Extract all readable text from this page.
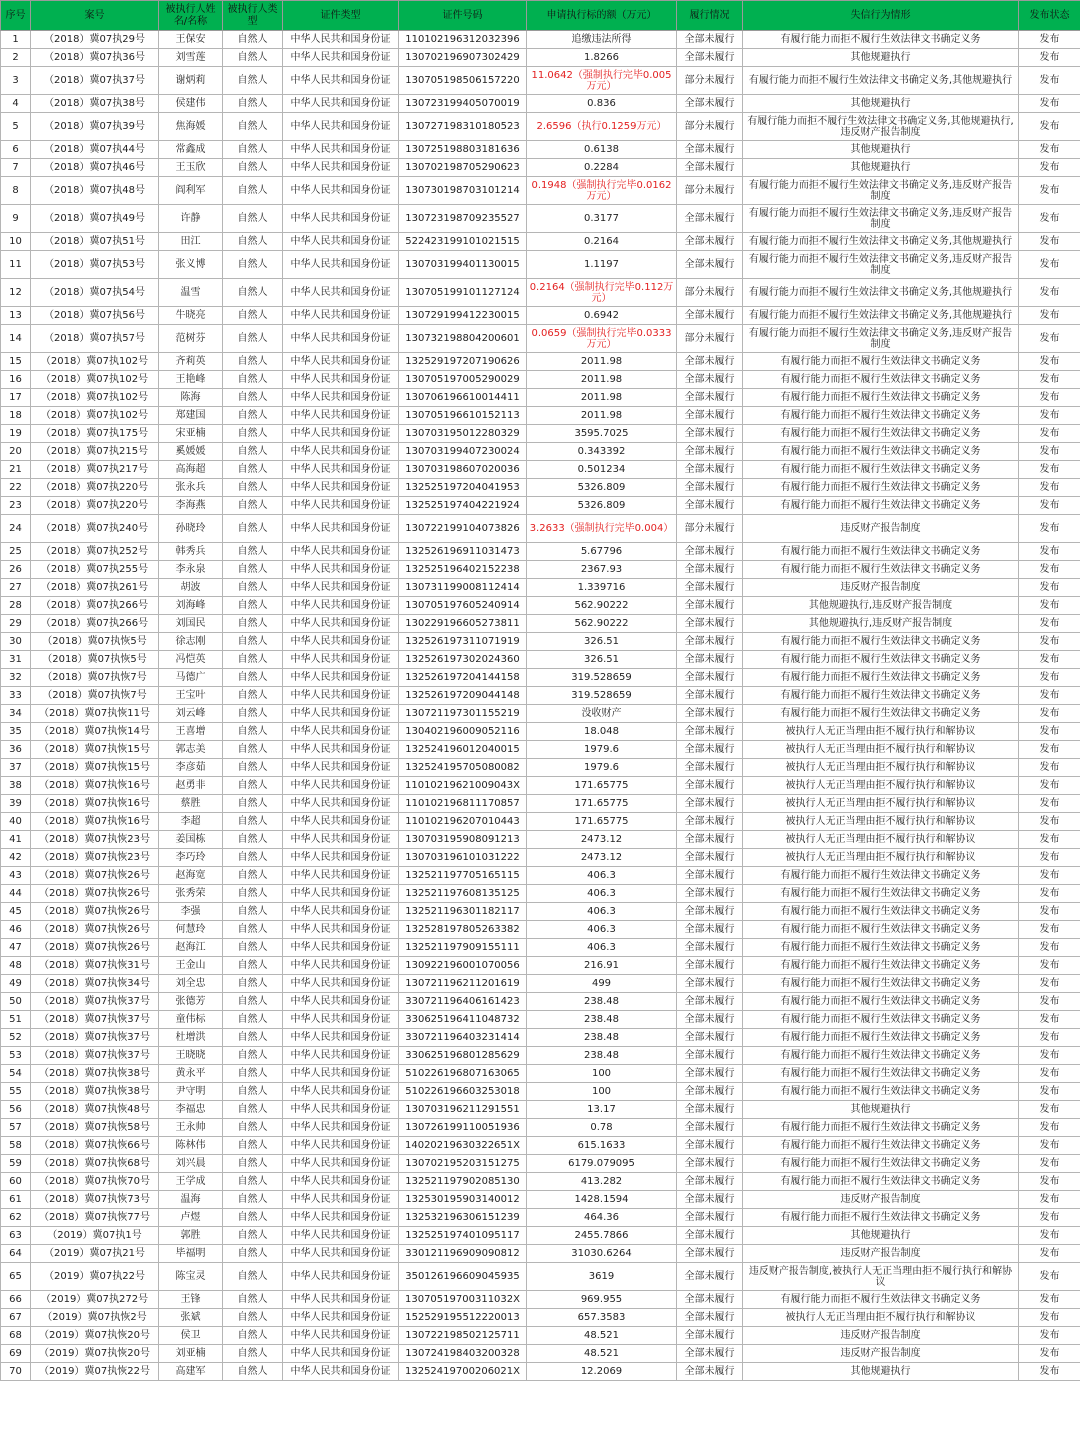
序号	案号	被执行人姓名/名称	被执行人类型	证件类型	证件号码	申请执行标的额（万元）	履行情况	失信行为情形	发布状态
1	（2018）冀07执29号	王保安	自然人	中华人民共和国身份证	110102196312032396	追缴违法所得	全部未履行	有履行能力而拒不履行生效法律文书确定义务	发布
2	（2018）冀07执36号	刘雪莲	自然人	中华人民共和国身份证	130702196907302429	1.8266	全部未履行	其他规避执行	发布
3	（2018）冀07执37号	谢炳莉	自然人	中华人民共和国身份证	130705198506157220	11.0642（强制执行完毕0.005万元）	部分未履行	有履行能力而拒不履行生效法律文书确定义务,其他规避执行	发布
4	（2018）冀07执38号	侯建伟	自然人	中华人民共和国身份证	130723199405070019	0.836	全部未履行	其他规避执行	发布
5	（2018）冀07执39号	焦海媛	自然人	中华人民共和国身份证	130727198310180523	2.6596（执行0.1259万元）	部分未履行	有履行能力而拒不履行生效法律文书确定义务,其他规避执行,违反财产报告制度	发布
6	（2018）冀07执44号	常鑫成	自然人	中华人民共和国身份证	130725198803181636	0.6138	全部未履行	其他规避执行	发布
7	（2018）冀07执46号	王玉欣	自然人	中华人民共和国身份证	130702198705290623	0.2284	全部未履行	其他规避执行	发布
8	（2018）冀07执48号	阎利军	自然人	中华人民共和国身份证	130730198703101214	0.1948（强制执行完毕0.0162万元）	部分未履行	有履行能力而拒不履行生效法律文书确定义务,违反财产报告制度	发布
9	（2018）冀07执49号	许静	自然人	中华人民共和国身份证	130723198709235527	0.3177	全部未履行	有履行能力而拒不履行生效法律文书确定义务,违反财产报告制度	发布
10	（2018）冀07执51号	田江	自然人	中华人民共和国身份证	522423199101021515	0.2164	全部未履行	有履行能力而拒不履行生效法律文书确定义务,其他规避执行	发布
11	（2018）冀07执53号	张义博	自然人	中华人民共和国身份证	130703199401130015	1.1197	全部未履行	有履行能力而拒不履行生效法律文书确定义务,违反财产报告制度	发布
12	（2018）冀07执54号	温雪	自然人	中华人民共和国身份证	130705199101127124	0.2164（强制执行完毕0.112万元）	部分未履行	有履行能力而拒不履行生效法律文书确定义务,其他规避执行	发布
13	（2018）冀07执56号	牛晓亮	自然人	中华人民共和国身份证	130729199412230015	0.6942	全部未履行	有履行能力而拒不履行生效法律文书确定义务,其他规避执行	发布
14	（2018）冀07执57号	范树芬	自然人	中华人民共和国身份证	130732198804200601	0.0659（强制执行完毕0.0333万元）	部分未履行	有履行能力而拒不履行生效法律文书确定义务,违反财产报告制度	发布
15	（2018）冀07执102号	齐莉英	自然人	中华人民共和国身份证	132529197207190626	2011.98	全部未履行	有履行能力而拒不履行生效法律文书确定义务	发布
16	（2018）冀07执102号	王艳峰	自然人	中华人民共和国身份证	130705197005290029	2011.98	全部未履行	有履行能力而拒不履行生效法律文书确定义务	发布
17	（2018）冀07执102号	陈海	自然人	中华人民共和国身份证	130706196610014411	2011.98	全部未履行	有履行能力而拒不履行生效法律文书确定义务	发布
18	（2018）冀07执102号	郑建国	自然人	中华人民共和国身份证	130705196610152113	2011.98	全部未履行	有履行能力而拒不履行生效法律文书确定义务	发布
19	（2018）冀07执175号	宋亚楠	自然人	中华人民共和国身份证	130703195012280329	3595.7025	全部未履行	有履行能力而拒不履行生效法律文书确定义务	发布
20	（2018）冀07执215号	奚媛媛	自然人	中华人民共和国身份证	130703199407230024	0.343392	全部未履行	有履行能力而拒不履行生效法律文书确定义务	发布
21	（2018）冀07执217号	高海超	自然人	中华人民共和国身份证	130703198607020036	0.501234	全部未履行	有履行能力而拒不履行生效法律文书确定义务	发布
22	（2018）冀07执220号	张永兵	自然人	中华人民共和国身份证	132525197204041953	5326.809	全部未履行	有履行能力而拒不履行生效法律文书确定义务	发布
23	（2018）冀07执220号	李海燕	自然人	中华人民共和国身份证	132525197404221924	5326.809	全部未履行	有履行能力而拒不履行生效法律文书确定义务	发布
24	（2018）冀07执240号	孙晓玲	自然人	中华人民共和国身份证	130722199104073826	3.2633（强制执行完毕0.004）	部分未履行	违反财产报告制度	发布
25	（2018）冀07执252号	韩秀兵	自然人	中华人民共和国身份证	132526196911031473	5.67796	全部未履行	有履行能力而拒不履行生效法律文书确定义务	发布
26	（2018）冀07执255号	李永泉	自然人	中华人民共和国身份证	132525196402152238	2367.93	全部未履行	有履行能力而拒不履行生效法律文书确定义务	发布
27	（2018）冀07执261号	胡波	自然人	中华人民共和国身份证	130731199008112414	1.339716	全部未履行	违反财产报告制度	发布
28	（2018）冀07执266号	刘海峰	自然人	中华人民共和国身份证	130705197605240914	562.90222	全部未履行	其他规避执行,违反财产报告制度	发布
29	（2018）冀07执266号	刘国民	自然人	中华人民共和国身份证	130229196605273811	562.90222	全部未履行	其他规避执行,违反财产报告制度	发布
30	（2018）冀07执恢5号	徐志刚	自然人	中华人民共和国身份证	132526197311071919	326.51	全部未履行	有履行能力而拒不履行生效法律文书确定义务	发布
31	（2018）冀07执恢5号	冯恺英	自然人	中华人民共和国身份证	132526197302024360	326.51	全部未履行	有履行能力而拒不履行生效法律文书确定义务	发布
32	（2018）冀07执恢7号	马德广	自然人	中华人民共和国身份证	132526197204144158	319.528659	全部未履行	有履行能力而拒不履行生效法律文书确定义务	发布
33	（2018）冀07执恢7号	王宝叶	自然人	中华人民共和国身份证	132526197209044148	319.528659	全部未履行	有履行能力而拒不履行生效法律文书确定义务	发布
34	（2018）冀07执恢11号	刘云峰	自然人	中华人民共和国身份证	130721197301155219	没收财产	全部未履行	有履行能力而拒不履行生效法律文书确定义务	发布
35	（2018）冀07执恢14号	王喜增	自然人	中华人民共和国身份证	130402196009052116	18.048	全部未履行	被执行人无正当理由拒不履行执行和解协议	发布
36	（2018）冀07执恢15号	郭志美	自然人	中华人民共和国身份证	132524196012040015	1979.6	全部未履行	被执行人无正当理由拒不履行执行和解协议	发布
37	（2018）冀07执恢15号	李彦茹	自然人	中华人民共和国身份证	132524195705080082	1979.6	全部未履行	被执行人无正当理由拒不履行执行和解协议	发布
38	（2018）冀07执恢16号	赵勇非	自然人	中华人民共和国身份证	11010219621009043X	171.65775	全部未履行	被执行人无正当理由拒不履行执行和解协议	发布
39	（2018）冀07执恢16号	蔡胜	自然人	中华人民共和国身份证	110102196811170857	171.65775	全部未履行	被执行人无正当理由拒不履行执行和解协议	发布
40	（2018）冀07执恢16号	李超	自然人	中华人民共和国身份证	110102196207010443	171.65775	全部未履行	被执行人无正当理由拒不履行执行和解协议	发布
41	（2018）冀07执恢23号	姜国栋	自然人	中华人民共和国身份证	130703195908091213	2473.12	全部未履行	被执行人无正当理由拒不履行执行和解协议	发布
42	（2018）冀07执恢23号	李巧玲	自然人	中华人民共和国身份证	130703196101031222	2473.12	全部未履行	被执行人无正当理由拒不履行执行和解协议	发布
43	（2018）冀07执恢26号	赵海宽	自然人	中华人民共和国身份证	132521197705165115	406.3	全部未履行	有履行能力而拒不履行生效法律文书确定义务	发布
44	（2018）冀07执恢26号	张秀荣	自然人	中华人民共和国身份证	132521197608135125	406.3	全部未履行	有履行能力而拒不履行生效法律文书确定义务	发布
45	（2018）冀07执恢26号	李强	自然人	中华人民共和国身份证	132521196301182117	406.3	全部未履行	有履行能力而拒不履行生效法律文书确定义务	发布
46	（2018）冀07执恢26号	何慧玲	自然人	中华人民共和国身份证	132528197805263382	406.3	全部未履行	有履行能力而拒不履行生效法律文书确定义务	发布
47	（2018）冀07执恢26号	赵海江	自然人	中华人民共和国身份证	132521197909155111	406.3	全部未履行	有履行能力而拒不履行生效法律文书确定义务	发布
48	（2018）冀07执恢31号	王金山	自然人	中华人民共和国身份证	130922196001070056	216.91	全部未履行	有履行能力而拒不履行生效法律文书确定义务	发布
49	（2018）冀07执恢34号	刘全忠	自然人	中华人民共和国身份证	130721196211201619	499	全部未履行	有履行能力而拒不履行生效法律文书确定义务	发布
50	（2018）冀07执恢37号	张德芳	自然人	中华人民共和国身份证	330721196406161423	238.48	全部未履行	有履行能力而拒不履行生效法律文书确定义务	发布
51	（2018）冀07执恢37号	童伟标	自然人	中华人民共和国身份证	330625196411048732	238.48	全部未履行	有履行能力而拒不履行生效法律文书确定义务	发布
52	（2018）冀07执恢37号	杜增洪	自然人	中华人民共和国身份证	330721196403231414	238.48	全部未履行	有履行能力而拒不履行生效法律文书确定义务	发布
53	（2018）冀07执恢37号	王晓晓	自然人	中华人民共和国身份证	330625196801285629	238.48	全部未履行	有履行能力而拒不履行生效法律文书确定义务	发布
54	（2018）冀07执恢38号	黄永平	自然人	中华人民共和国身份证	510226196807163065	100	全部未履行	有履行能力而拒不履行生效法律文书确定义务	发布
55	（2018）冀07执恢38号	尹守明	自然人	中华人民共和国身份证	510226196603253018	100	全部未履行	有履行能力而拒不履行生效法律文书确定义务	发布
56	（2018）冀07执恢48号	李福忠	自然人	中华人民共和国身份证	130703196211291551	13.17	全部未履行	其他规避执行	发布
57	（2018）冀07执恢58号	王永帅	自然人	中华人民共和国身份证	130726199110051936	0.78	全部未履行	有履行能力而拒不履行生效法律文书确定义务	发布
58	（2018）冀07执恢66号	陈林伟	自然人	中华人民共和国身份证	14020219630322651X	615.1633	全部未履行	有履行能力而拒不履行生效法律文书确定义务	发布
59	（2018）冀07执恢68号	刘兴晨	自然人	中华人民共和国身份证	130702195203151275	6179.079095	全部未履行	有履行能力而拒不履行生效法律文书确定义务	发布
60	（2018）冀07执恢70号	王学成	自然人	中华人民共和国身份证	132521197902085130	413.282	全部未履行	有履行能力而拒不履行生效法律文书确定义务	发布
61	（2018）冀07执恢73号	温海	自然人	中华人民共和国身份证	132530195903140012	1428.1594	全部未履行	违反财产报告制度	发布
62	（2018）冀07执恢77号	卢煜	自然人	中华人民共和国身份证	132532196306151239	464.36	全部未履行	有履行能力而拒不履行生效法律文书确定义务	发布
63	（2019）冀07执1号	郭胜	自然人	中华人民共和国身份证	132525197401095117	2455.7866	全部未履行	其他规避执行	发布
64	（2019）冀07执21号	毕福明	自然人	中华人民共和国身份证	330121196909090812	31030.6264	全部未履行	违反财产报告制度	发布
65	（2019）冀07执22号	陈宝灵	自然人	中华人民共和国身份证	350126196609045935	3619	全部未履行	违反财产报告制度,被执行人无正当理由拒不履行执行和解协议	发布
66	（2019）冀07执272号	王锋	自然人	中华人民共和国身份证	13070519700311032X	969.955	全部未履行	有履行能力而拒不履行生效法律文书确定义务	发布
67	（2019）冀07执恢2号	张斌	自然人	中华人民共和国身份证	152529195512220013	657.3583	全部未履行	被执行人无正当理由拒不履行执行和解协议	发布
68	（2019）冀07执恢20号	侯卫	自然人	中华人民共和国身份证	130722198502125711	48.521	全部未履行	违反财产报告制度	发布
69	（2019）冀07执恢20号	刘亚楠	自然人	中华人民共和国身份证	130724198403200328	48.521	全部未履行	违反财产报告制度	发布
70	（2019）冀07执恢22号	高建军	自然人	中华人民共和国身份证	13252419700206021X	12.2069	全部未履行	其他规避执行	发布
